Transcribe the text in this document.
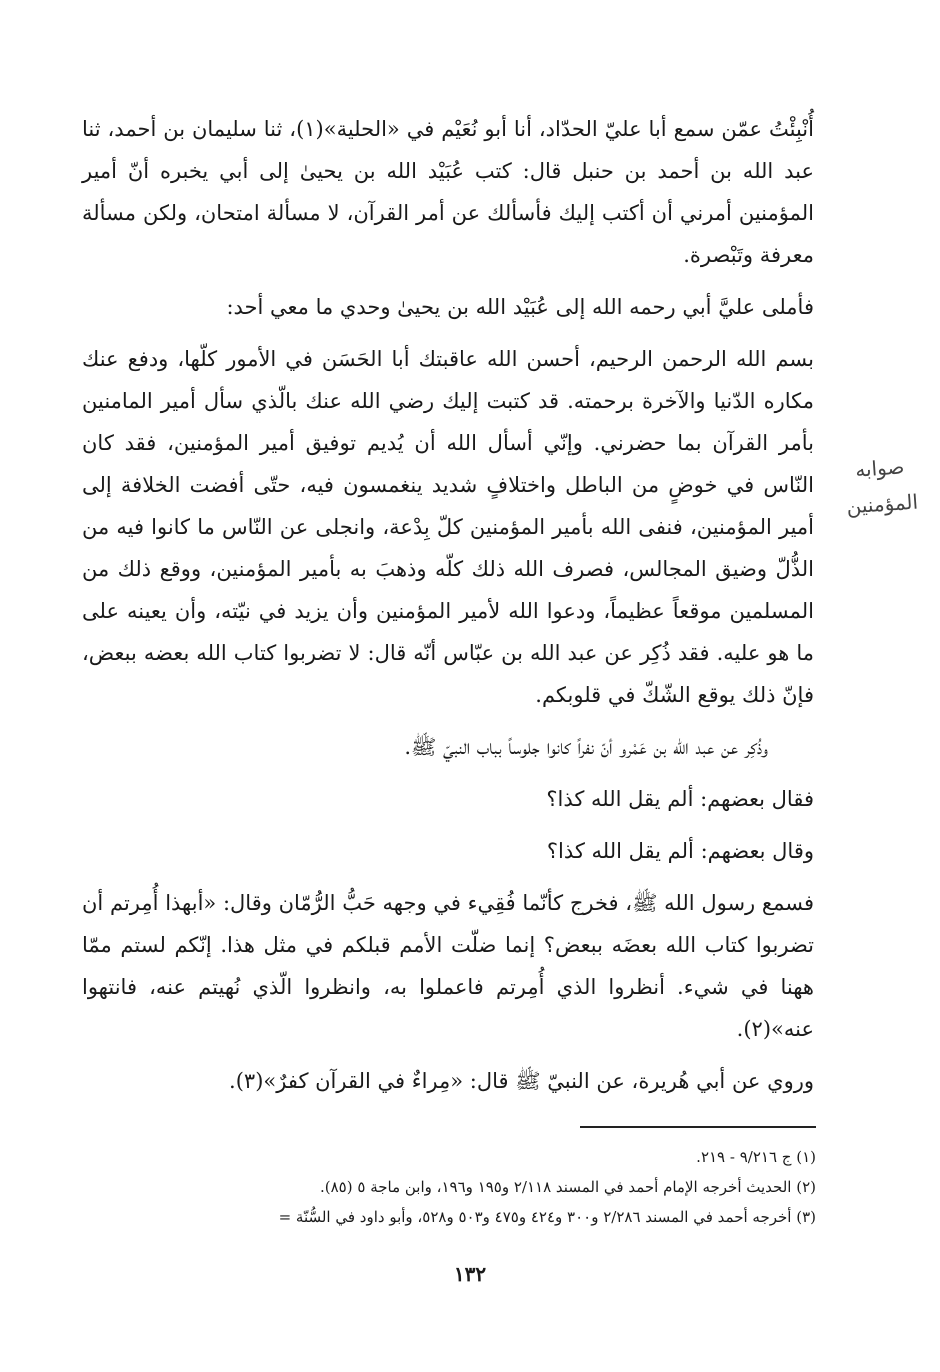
أُنْبِئْتُ عمّن سمع أبا عليّ الحدّاد، أنا أبو نُعَيْم في «الحلية»(١)، ثنا سليمان بن أحمد، ثنا عبد الله بن أحمد بن حنبل قال: كتب عُبَيْد الله بن يحيىٰ إلى أبي يخبره أنّ أمير المؤمنين أمرني أن أكتب إليك فأسألك عن أمر القرآن، لا مسألة امتحان، ولكن مسألة معرفة وتَبْصرة.

فأملى عليَّ أبي رحمه الله إلى عُبَيْد الله بن يحيىٰ وحدي ما معي أحد:

بسم الله الرحمن الرحيم، أحسن الله عاقبتك أبا الحَسَن في الأمور كلّها، ودفع عنك مكاره الدّنيا والآخرة برحمته. قد كتبت إليك رضي الله عنك بالّذي سأل أمير المامنين بأمر القرآن بما حضرني. وإنّي أسأل الله أن يُديم توفيق أمير المؤمنين، فقد كان النّاس في خوضٍ من الباطل واختلافٍ شديد ينغمسون فيه، حتّى أفضت الخلافة إلى أمير المؤمنين، فنفى الله بأمير المؤمنين كلّ بِدْعة، وانجلى عن النّاس ما كانوا فيه من الذُّلّ وضيق المجالس، فصرف الله ذلك كلّه وذهبَ به بأمير المؤمنين، ووقع ذلك من المسلمين موقعاً عظيماً، ودعوا الله لأمير المؤمنين وأن يزيد في نيّته، وأن يعينه على ما هو عليه. فقد ذُكِر عن عبد الله بن عبّاس أنّه قال: لا تضربوا كتاب الله بعضه ببعض، فإنّ ذلك يوقع الشّكّ في قلوبكم.

وذُكِر عن عبد الله بن عَمْرو أنّ نفراً كانوا جلوساً بباب النبيّ ﷺ.

فقال بعضهم: ألم يقل الله كذا؟

وقال بعضهم: ألم يقل الله كذا؟

فسمع رسول الله ﷺ، فخرج كأنّما فُقِيء في وجهه حَبُّ الرُّمّان وقال: «أبهذا أُمِرتم أن تضربوا كتاب الله بعضَه ببعض؟ إنما ضلّت الأمم قبلكم في مثل هذا. إنّكم لستم ممّا ههنا في شيء. أنظروا الذي أُمِرتم فاعملوا به، وانظروا الّذي نُهيتم عنه، فانتهوا عنه»(٢).

وروي عن أبي هُريرة، عن النبيّ ﷺ قال: «مِراءٌ في القرآن كفرٌ»(٣).

صوابه المؤمنين
(١) ج ٩/٢١٦ - ٢١٩.
(٢) الحديث أخرجه الإمام أحمد في المسند ٢/١١٨ و١٩٥ و١٩٦، وابن ماجة ٥ (٨٥).
(٣) أخرجه أحمد في المسند ٢/٢٨٦ و٣٠٠ و٤٢٤ و٤٧٥ و٥٠٣ و٥٢٨، وأبو داود في السُّنّة =
١٣٢
